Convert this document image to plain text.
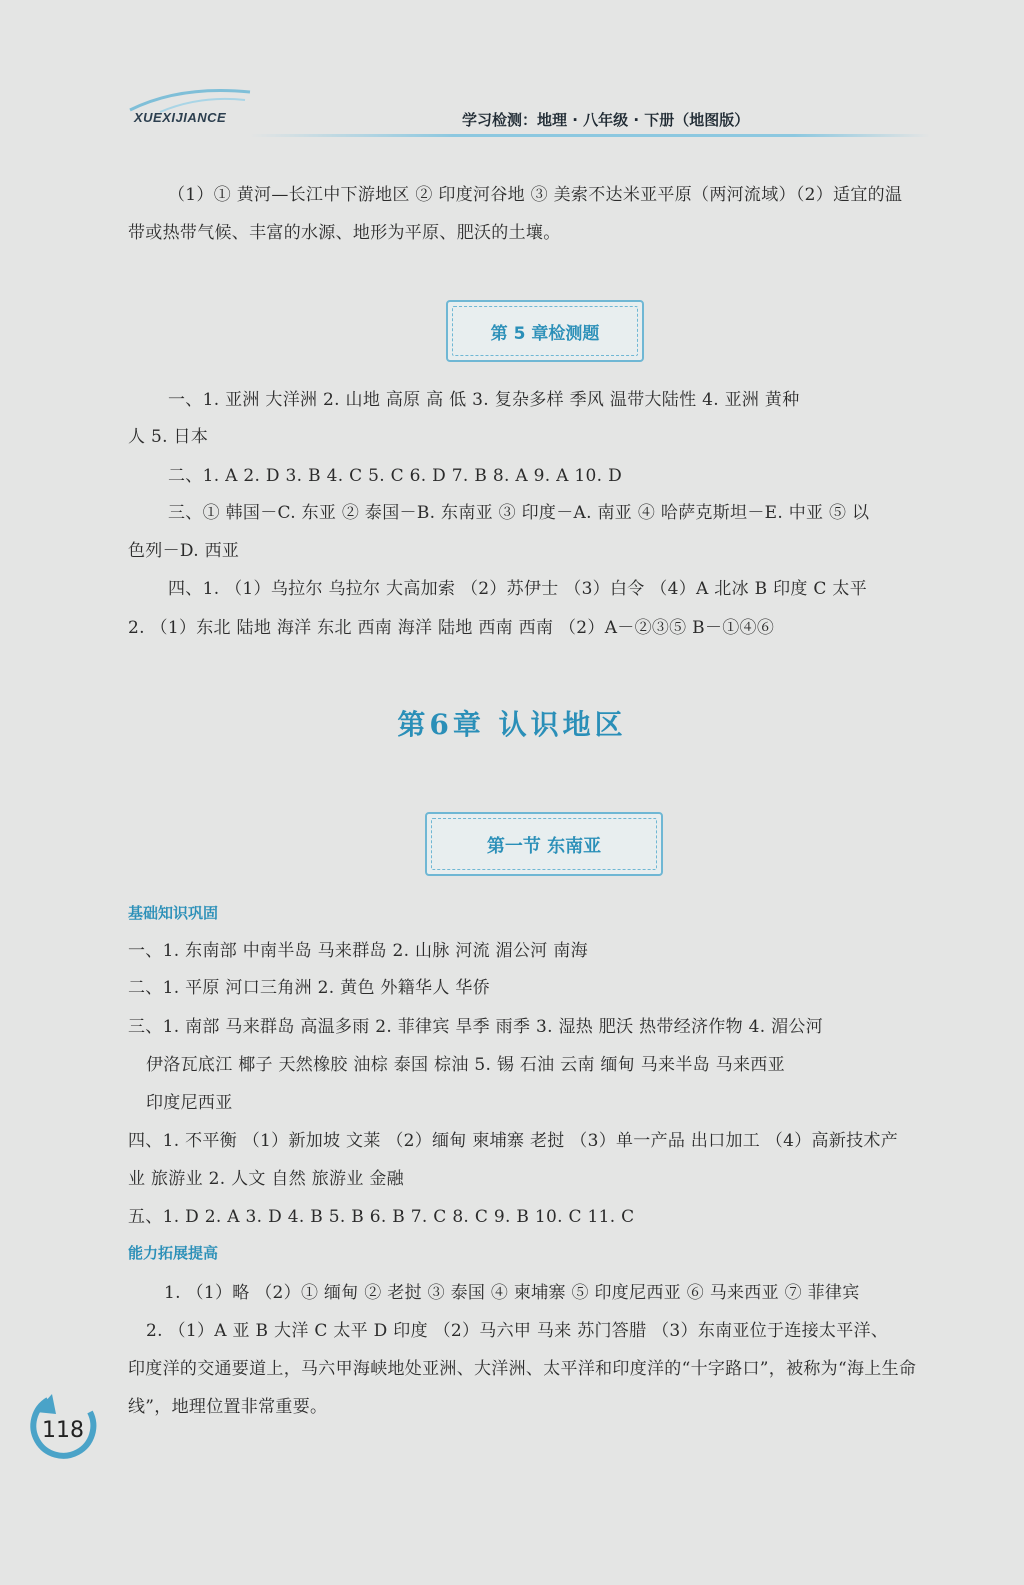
XUEXIJIANCE	学习检测：地理 · 八年级 · 下册（地图版）
（1）① 黄河—长江中下游地区 ② 印度河谷地 ③ 美索不达米亚平原（两河流域）（2）适宜的温
带或热带气候、丰富的水源、地形为平原、肥沃的土壤。
第 5 章检测题
一、1. 亚洲 大洋洲 2. 山地 高原 高 低 3. 复杂多样 季风 温带大陆性 4. 亚洲 黄种
人 5. 日本
二、1. A 2. D 3. B 4. C 5. C 6. D 7. B 8. A 9. A 10. D
三、① 韩国－C. 东亚 ② 泰国－B. 东南亚 ③ 印度－A. 南亚 ④ 哈萨克斯坦－E. 中亚 ⑤ 以
色列－D. 西亚
四、1. （1）乌拉尔 乌拉尔 大高加索 （2）苏伊士 （3）白令 （4）A 北冰 B 印度 C 太平
2. （1）东北 陆地 海洋 东北 西南 海洋 陆地 西南 西南 （2）A－②③⑤ B－①④⑥
第6章 认识地区
第一节 东南亚
基础知识巩固
一、1. 东南部 中南半岛 马来群岛 2. 山脉 河流 湄公河 南海
二、1. 平原 河口三角洲 2. 黄色 外籍华人 华侨
三、1. 南部 马来群岛 高温多雨 2. 菲律宾 旱季 雨季 3. 湿热 肥沃 热带经济作物 4. 湄公河
伊洛瓦底江 椰子 天然橡胶 油棕 泰国 棕油 5. 锡 石油 云南 缅甸 马来半岛 马来西亚
印度尼西亚
四、1. 不平衡 （1）新加坡 文莱 （2）缅甸 柬埔寨 老挝 （3）单一产品 出口加工 （4）高新技术产
业 旅游业 2. 人文 自然 旅游业 金融
五、1. D 2. A 3. D 4. B 5. B 6. B 7. C 8. C 9. B 10. C 11. C
能力拓展提高
1. （1）略 （2）① 缅甸 ② 老挝 ③ 泰国 ④ 柬埔寨 ⑤ 印度尼西亚 ⑥ 马来西亚 ⑦ 菲律宾
2. （1）A 亚 B 大洋 C 太平 D 印度 （2）马六甲 马来 苏门答腊 （3）东南亚位于连接太平洋、
印度洋的交通要道上，马六甲海峡地处亚洲、大洋洲、太平洋和印度洋的“十字路口”，被称为“海上生命
线”，地理位置非常重要。
118
